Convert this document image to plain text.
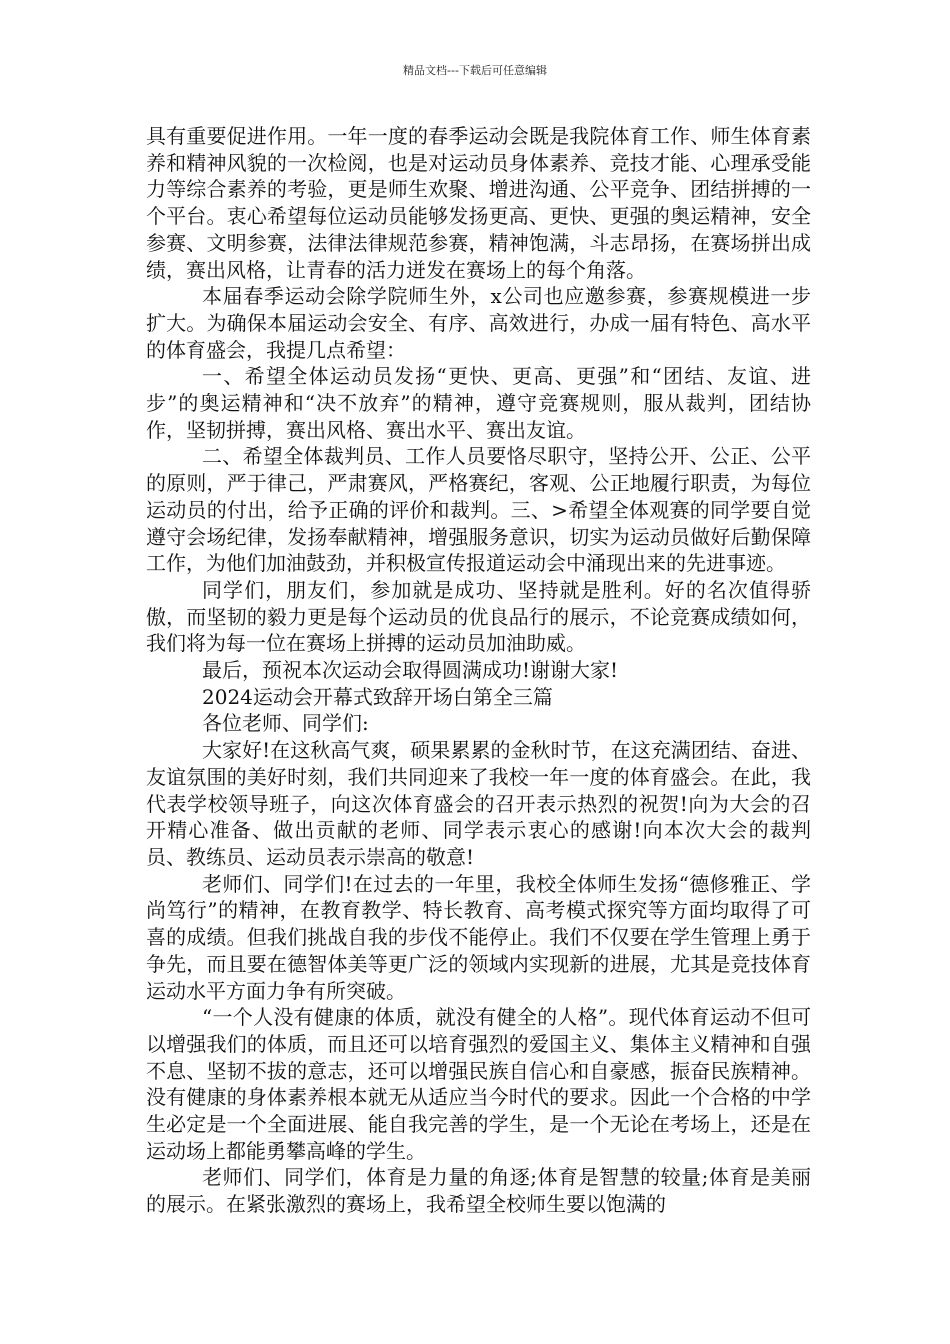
精品文档---下载后可任意编辑

具有重要促进作用。一年一度的春季运动会既是我院体育工作、师生体育素养和精神风貌的一次检阅，也是对运动员身体素养、竞技才能、心理承受能力等综合素养的考验，更是师生欢聚、增进沟通、公平竞争、团结拼搏的一个平台。衷心希望每位运动员能够发扬更高、更快、更强的奥运精神，安全参赛、文明参赛，法律法律规范参赛，精神饱满，斗志昂扬，在赛场拼出成绩，赛出风格，让青春的活力迸发在赛场上的每个角落。

本届春季运动会除学院师生外，x公司也应邀参赛，参赛规模进一步扩大。为确保本届运动会安全、有序、高效进行，办成一届有特色、高水平的体育盛会，我提几点希望：

一、希望全体运动员发扬“更快、更高、更强”和“团结、友谊、进步”的奥运精神和“决不放弃”的精神，遵守竞赛规则，服从裁判，团结协作，坚韧拼搏，赛出风格、赛出水平、赛出友谊。

二、希望全体裁判员、工作人员要恪尽职守，坚持公开、公正、公平的原则，严于律己，严肃赛风，严格赛纪，客观、公正地履行职责，为每位运动员的付出，给予正确的评价和裁判。三、>希望全体观赛的同学要自觉遵守会场纪律，发扬奉献精神，增强服务意识，切实为运动员做好后勤保障工作，为他们加油鼓劲，并积极宣传报道运动会中涌现出来的先进事迹。

同学们，朋友们，参加就是成功、坚持就是胜利。好的名次值得骄傲，而坚韧的毅力更是每个运动员的优良品行的展示，不论竞赛成绩如何，我们将为每一位在赛场上拼搏的运动员加油助威。

最后，预祝本次运动会取得圆满成功!谢谢大家!

2024运动会开幕式致辞开场白第全三篇

各位老师、同学们:

大家好!在这秋高气爽，硕果累累的金秋时节，在这充满团结、奋进、友谊氛围的美好时刻，我们共同迎来了我校一年一度的体育盛会。在此，我代表学校领导班子，向这次体育盛会的召开表示热烈的祝贺!向为大会的召开精心准备、做出贡献的老师、同学表示衷心的感谢!向本次大会的裁判员、教练员、运动员表示崇高的敬意!

老师们、同学们!在过去的一年里，我校全体师生发扬“德修雅正、学尚笃行”的精神，在教育教学、特长教育、高考模式探究等方面均取得了可喜的成绩。但我们挑战自我的步伐不能停止。我们不仅要在学生管理上勇于争先，而且要在德智体美等更广泛的领域内实现新的进展，尤其是竞技体育运动水平方面力争有所突破。

“一个人没有健康的体质，就没有健全的人格”。现代体育运动不但可以增强我们的体质，而且还可以培育强烈的爱国主义、集体主义精神和自强不息、坚韧不拔的意志，还可以增强民族自信心和自豪感，振奋民族精神。没有健康的身体素养根本就无从适应当今时代的要求。因此一个合格的中学生必定是一个全面进展、能自我完善的学生，是一个无论在考场上，还是在运动场上都能勇攀高峰的学生。

老师们、同学们，体育是力量的角逐;体育是智慧的较量;体育是美丽的展示。在紧张激烈的赛场上，我希望全校师生要以饱满的
